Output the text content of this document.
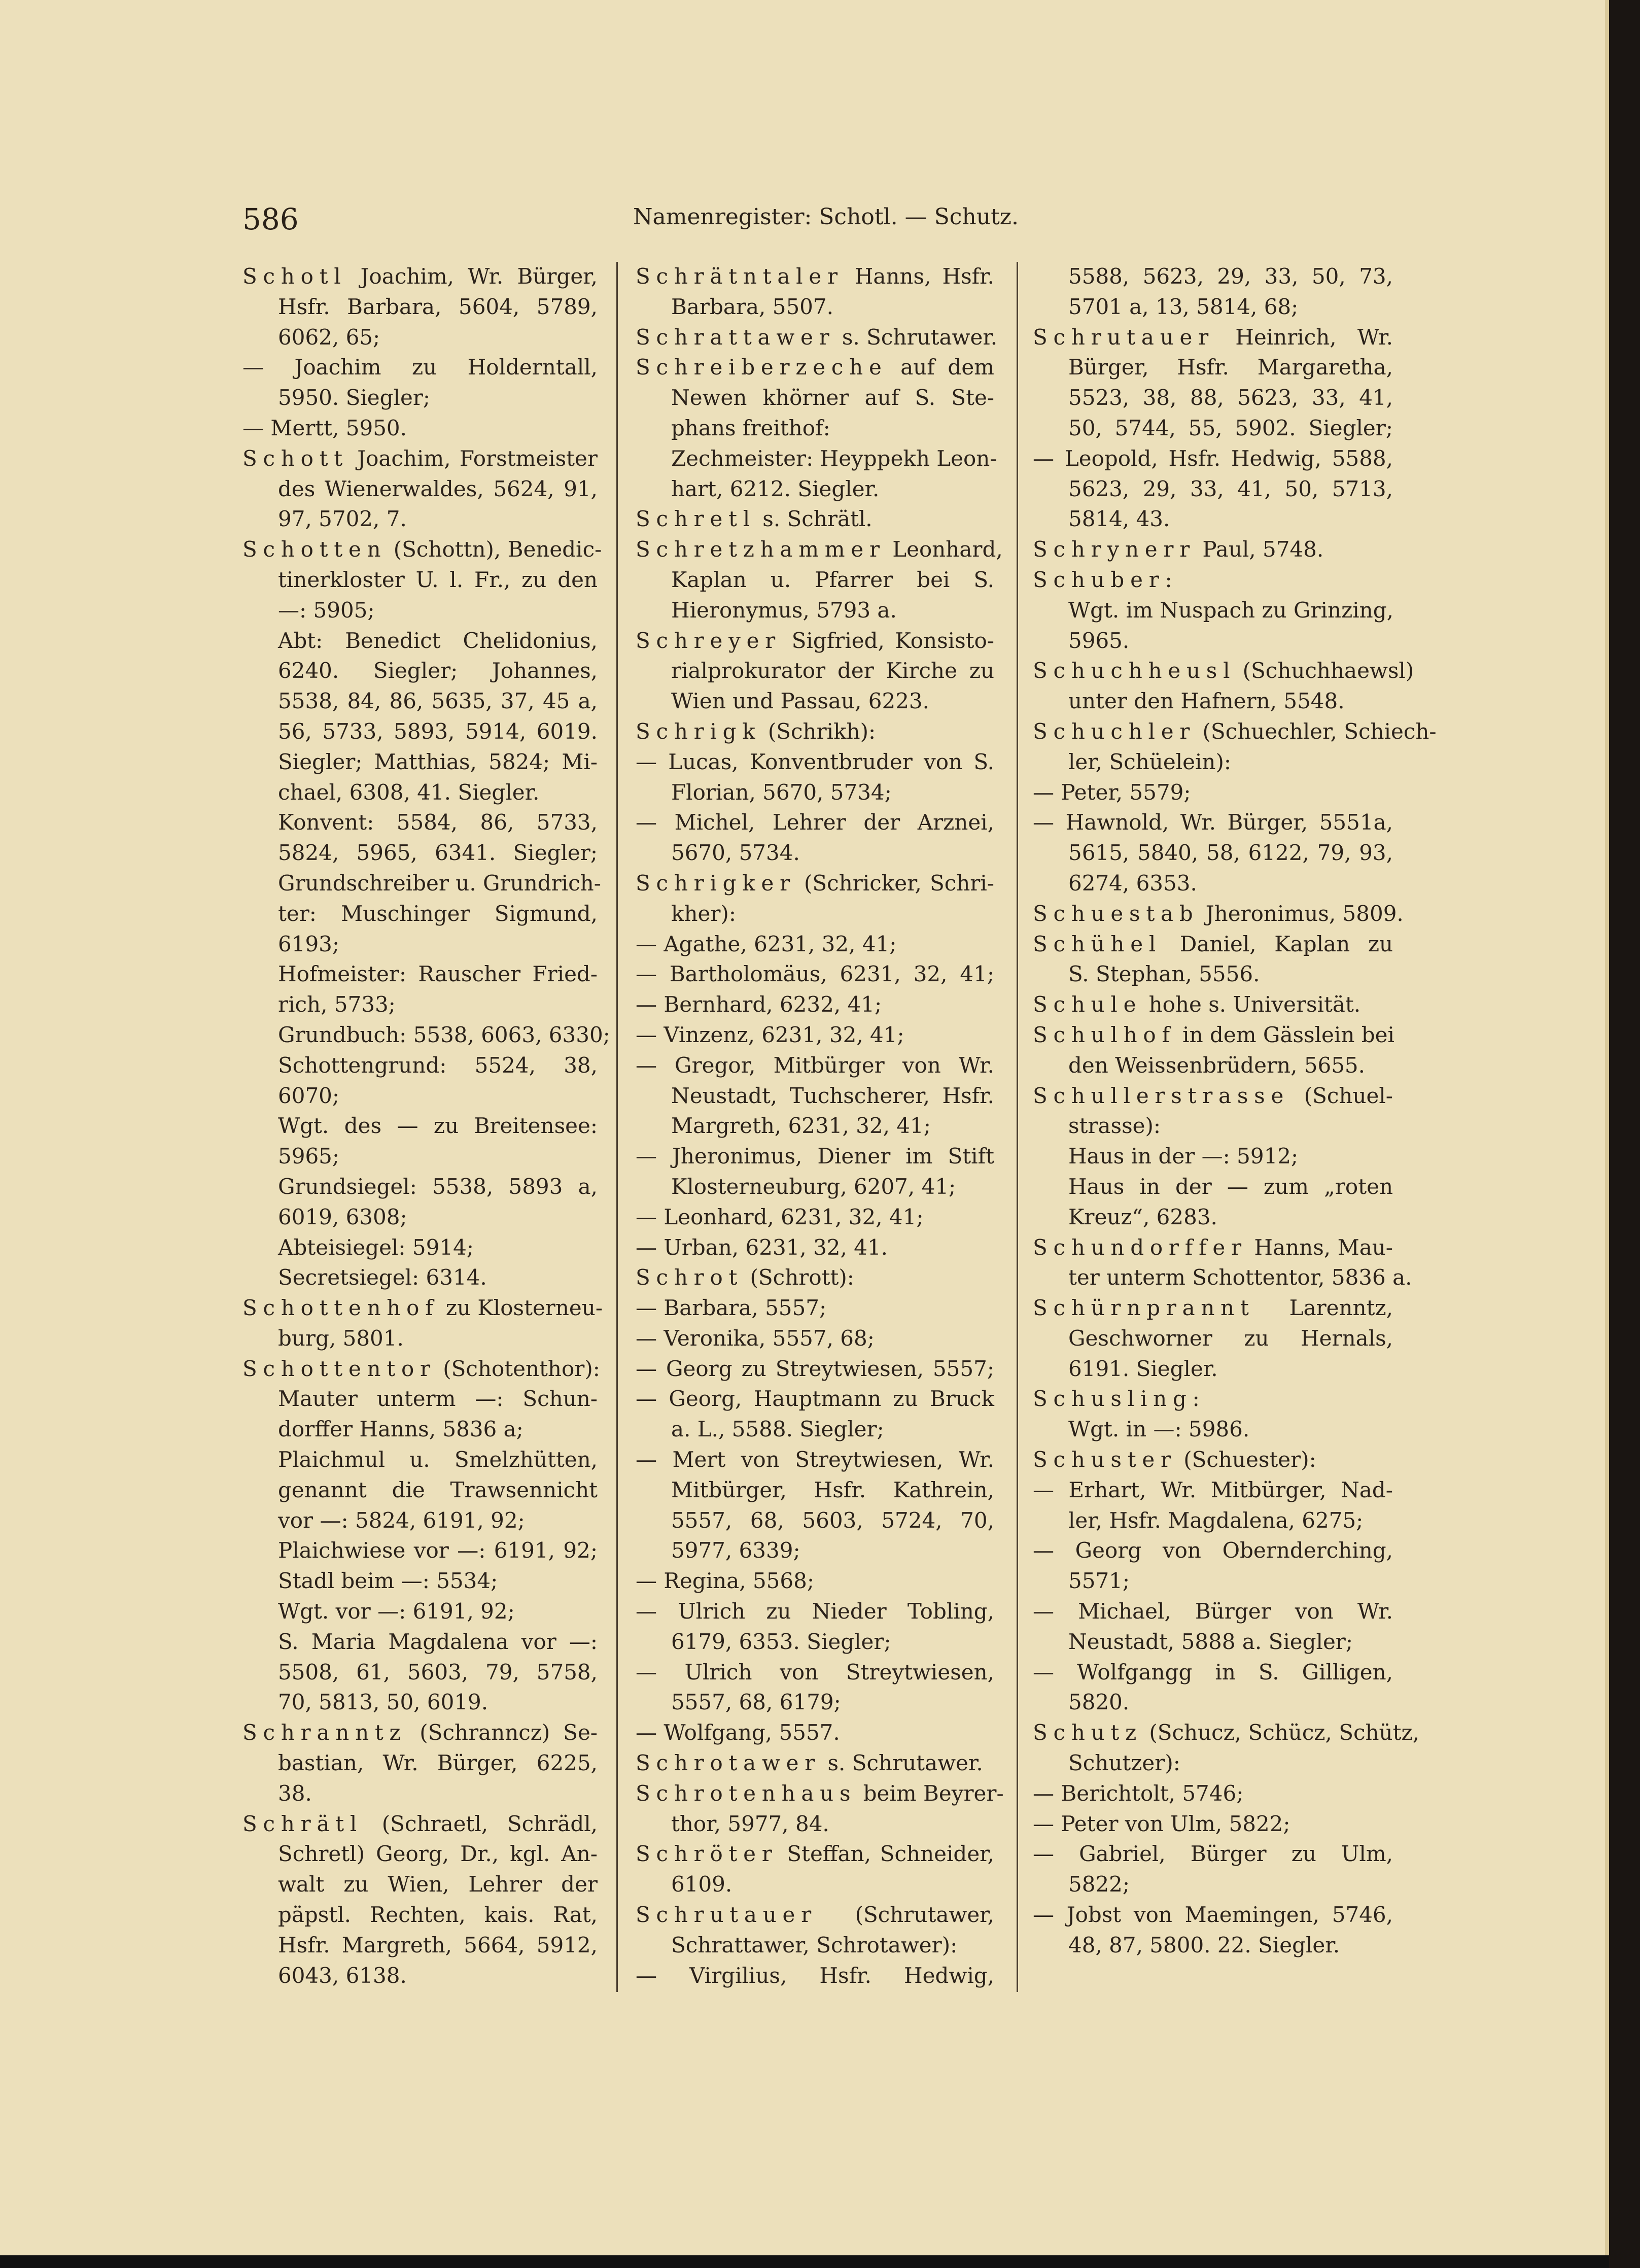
586	Namenregister: Schotl. — Schutz.
Schotl Joachim, Wr. Bürger,
Hsfr. Barbara, 5604, 5789,
6062, 65;
— Joachim zu Holderntall,
5950. Siegler;
— Mertt, 5950.
Schott Joachim, Forstmeister
des Wienerwaldes, 5624, 91,
97, 5702, 7.
Schotten (Schottn), Benedic-
tinerkloster U. l. Fr., zu den
—: 5905;
Abt: Benedict Chelidonius,
6240. Siegler; Johannes,
5538, 84, 86, 5635, 37, 45 a,
56, 5733, 5893, 5914, 6019.
Siegler; Matthias, 5824; Mi-
chael, 6308, 41. Siegler.
Konvent: 5584, 86, 5733,
5824, 5965, 6341. Siegler;
Grundschreiber u. Grundrich-
ter: Muschinger Sigmund,
6193;
Hofmeister: Rauscher Fried-
rich, 5733;
Grundbuch: 5538, 6063, 6330;
Schottengrund: 5524, 38,
6070;
Wgt. des — zu Breitensee:
5965;
Grundsiegel: 5538, 5893 a,
6019, 6308;
Abteisiegel: 5914;
Secretsiegel: 6314.
Schottenhof zu Klosterneu-
burg, 5801.
Schottentor (Schotenthor):
Mauter unterm —: Schun-
dorffer Hanns, 5836 a;
Plaichmul u. Smelzhütten,
genannt die Trawsennicht
vor —: 5824, 6191, 92;
Plaichwiese vor —: 6191, 92;
Stadl beim —: 5534;
Wgt. vor —: 6191, 92;
S. Maria Magdalena vor —:
5508, 61, 5603, 79, 5758,
70, 5813, 50, 6019.
Schranntz (Schranncz) Se-
bastian, Wr. Bürger, 6225,
38.
Schrätl (Schraetl, Schrädl,
Schretl) Georg, Dr., kgl. An-
walt zu Wien, Lehrer der
päpstl. Rechten, kais. Rat,
Hsfr. Margreth, 5664, 5912,
6043, 6138.
Schrätntaler Hanns, Hsfr.
Barbara, 5507.
Schrattawer s. Schrutawer.
Schreiberzeche auf dem
Newen khörner auf S. Ste-
phans freithof:
Zechmeister: Heyppekh Leon-
hart, 6212. Siegler.
Schretl s. Schrätl.
Schretzhammer Leonhard,
Kaplan u. Pfarrer bei S.
Hieronymus, 5793 a.
Schreyer Sigfried, Konsisto-
rialprokurator der Kirche zu
Wien und Passau, 6223.
Schrigk (Schrikh):
— Lucas, Konventbruder von S.
Florian, 5670, 5734;
— Michel, Lehrer der Arznei,
5670, 5734.
Schrigker (Schricker, Schri-
kher):
— Agathe, 6231, 32, 41;
— Bartholomäus, 6231, 32, 41;
— Bernhard, 6232, 41;
— Vinzenz, 6231, 32, 41;
— Gregor, Mitbürger von Wr.
Neustadt, Tuchscherer, Hsfr.
Margreth, 6231, 32, 41;
— Jheronimus, Diener im Stift
Klosterneuburg, 6207, 41;
— Leonhard, 6231, 32, 41;
— Urban, 6231, 32, 41.
Schrot (Schrott):
— Barbara, 5557;
— Veronika, 5557, 68;
— Georg zu Streytwiesen, 5557;
— Georg, Hauptmann zu Bruck
a. L., 5588. Siegler;
— Mert von Streytwiesen, Wr.
Mitbürger, Hsfr. Kathrein,
5557, 68, 5603, 5724, 70,
5977, 6339;
— Regina, 5568;
— Ulrich zu Nieder Tobling,
6179, 6353. Siegler;
— Ulrich von Streytwiesen,
5557, 68, 6179;
— Wolfgang, 5557.
Schrotawer s. Schrutawer.
Schrotenhaus beim Beyrer-
thor, 5977, 84.
Schröter Steffan, Schneider,
6109.
Schrutauer (Schrutawer,
Schrattawer, Schrotawer):
— Virgilius, Hsfr. Hedwig,
5588, 5623, 29, 33, 50, 73,
5701 a, 13, 5814, 68;
Schrutauer Heinrich, Wr.
Bürger, Hsfr. Margaretha,
5523, 38, 88, 5623, 33, 41,
50, 5744, 55, 5902. Siegler;
— Leopold, Hsfr. Hedwig, 5588,
5623, 29, 33, 41, 50, 5713,
5814, 43.
Schrynerr Paul, 5748.
Schuber:
Wgt. im Nuspach zu Grinzing,
5965.
Schuchheusl (Schuchhaewsl)
unter den Hafnern, 5548.
Schuchler (Schuechler, Schiech-
ler, Schüelein):
— Peter, 5579;
— Hawnold, Wr. Bürger, 5551a,
5615, 5840, 58, 6122, 79, 93,
6274, 6353.
Schuestab Jheronimus, 5809.
Schühel Daniel, Kaplan zu
S. Stephan, 5556.
Schule hohe s. Universität.
Schulhof in dem Gässlein bei
den Weissenbrüdern, 5655.
Schullerstrasse (Schuel-
strasse):
Haus in der —: 5912;
Haus in der — zum „roten
Kreuz“, 6283.
Schundorffer Hanns, Mau-
ter unterm Schottentor, 5836 a.
Schürnprannt Larenntz,
Geschworner zu Hernals,
6191. Siegler.
Schusling:
Wgt. in —: 5986.
Schuster (Schuester):
— Erhart, Wr. Mitbürger, Nad-
ler, Hsfr. Magdalena, 6275;
— Georg von Obernderching,
5571;
— Michael, Bürger von Wr.
Neustadt, 5888 a. Siegler;
— Wolfgangg in S. Gilligen,
5820.
Schutz (Schucz, Schücz, Schütz,
Schutzer):
— Berichtolt, 5746;
— Peter von Ulm, 5822;
— Gabriel, Bürger zu Ulm,
5822;
— Jobst von Maemingen, 5746,
48, 87, 5800. 22. Siegler.
